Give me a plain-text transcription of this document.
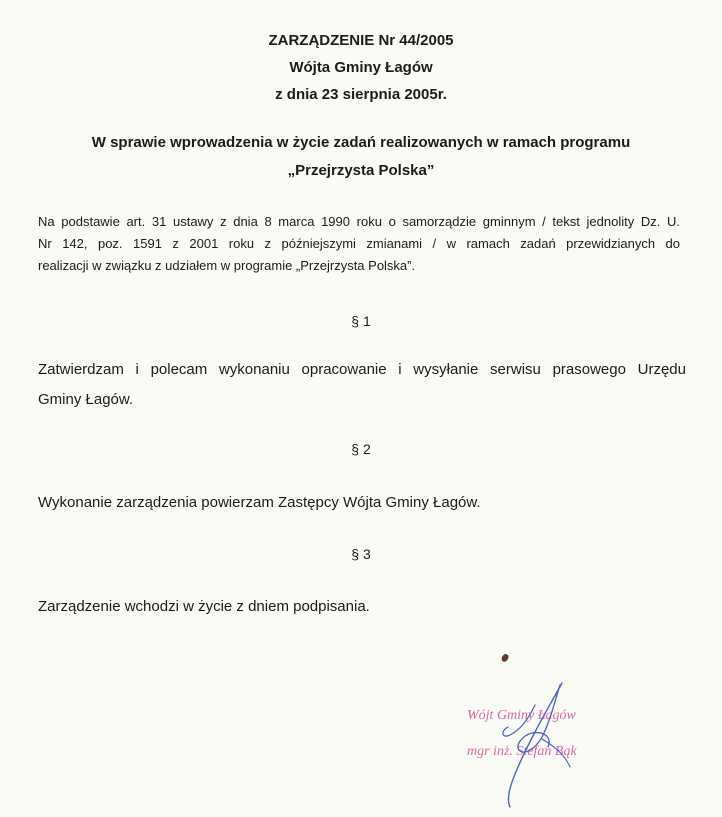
ZARZĄDZENIE Nr 44/2005
Wójta Gminy Łagów
z dnia 23 sierpnia 2005r.
W sprawie wprowadzenia w życie zadań realizowanych w ramach programu
„Przejrzysta Polska”
Na podstawie art. 31 ustawy z dnia 8 marca 1990 roku o samorządzie gminnym / tekst jednolity Dz. U.
Nr 142, poz. 1591 z 2001 roku z późniejszymi zmianami / w ramach zadań przewidzianych do
realizacji w związku z udziałem w programie „Przejrzysta Polska”.
§ 1
Zatwierdzam i polecam wykonaniu opracowanie i wysyłanie serwisu prasowego Urzędu
Gminy Łagów.
§ 2
Wykonanie zarządzenia powierzam Zastępcy Wójta Gminy Łagów.
§ 3
Zarządzenie wchodzi w życie z dniem podpisania.
Wójt Gminy Łagów
mgr inż. Stefan Bąk
